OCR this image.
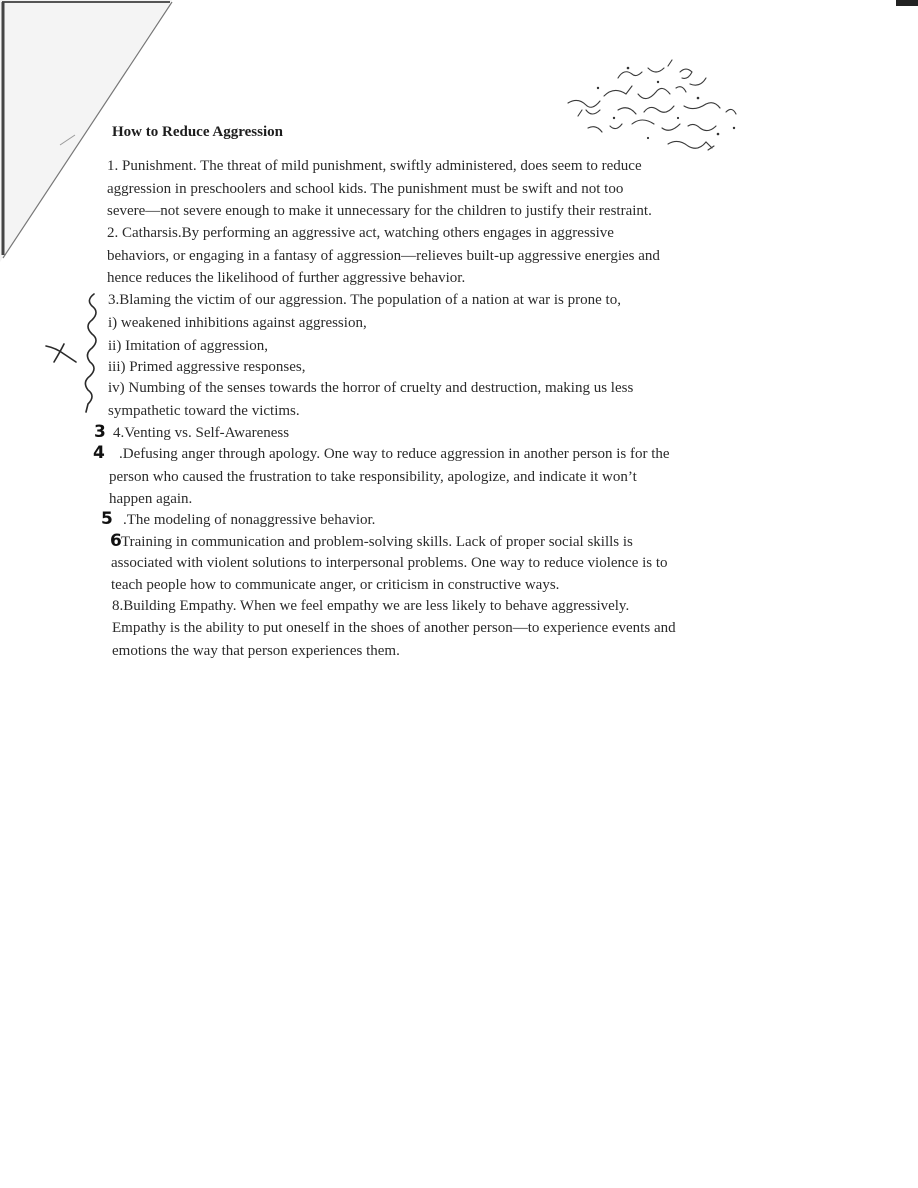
How to Reduce Aggression
1. Punishment. The threat of mild punishment, swiftly administered, does seem to reduce
aggression in preschoolers and school kids. The punishment must be swift and not too
severe—not severe enough to make it unnecessary for the children to justify their restraint.
2. Catharsis.By performing an aggressive act, watching others engages in aggressive
behaviors, or engaging in a fantasy of aggression—relieves built-up aggressive energies and
hence reduces the likelihood of further aggressive behavior.
3.Blaming the victim of our aggression. The population of a nation at war is prone to,
i) weakened inhibitions against aggression,
ii) Imitation of aggression,
iii) Primed aggressive responses,
iv) Numbing of the senses towards the horror of cruelty and destruction, making us less
sympathetic toward the victims.
4.Venting vs. Self-Awareness
.Defusing anger through apology. One way to reduce aggression in another person is for the
person who caused the frustration to take responsibility, apologize, and indicate it won’t
happen again.
.The modeling of nonaggressive behavior.
Training in communication and problem-solving skills. Lack of proper social skills is
associated with violent solutions to interpersonal problems. One way to reduce violence is to
teach people how to communicate anger, or criticism in constructive ways.
8.Building Empathy. When we feel empathy we are less likely to behave aggressively.
Empathy is the ability to put oneself in the shoes of another person—to experience events and
emotions the way that person experiences them.
3
4
5
6
